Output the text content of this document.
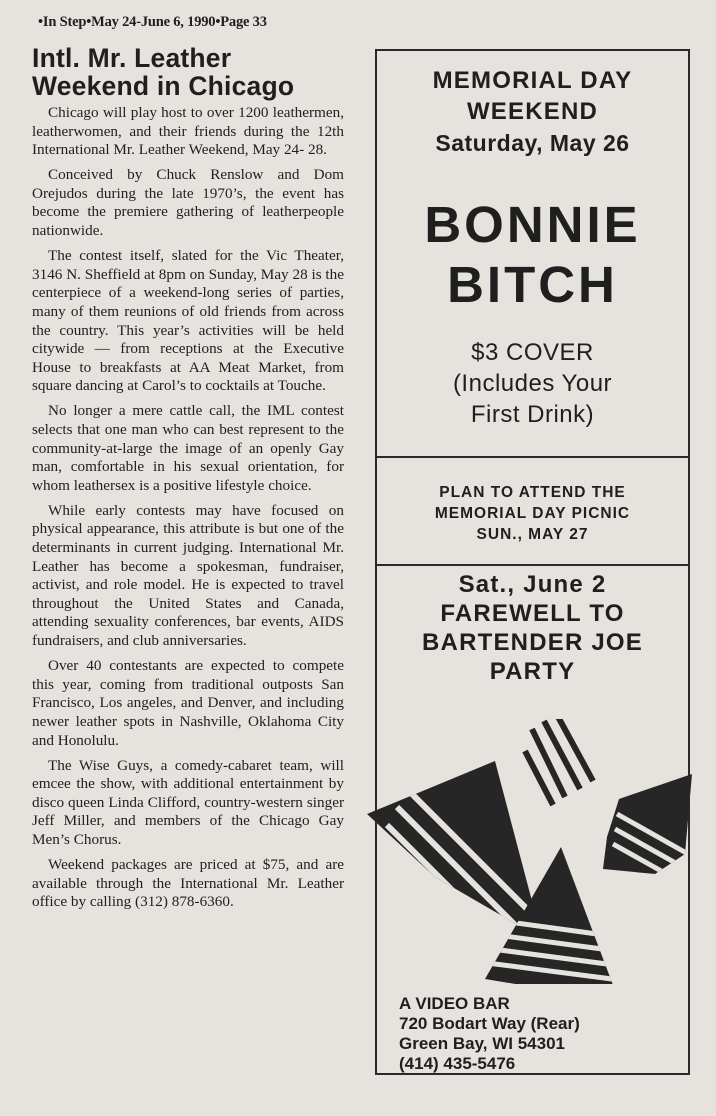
•In Step•May 24-June 6, 1990•Page 33
Intl. Mr. Leather
Weekend in Chicago

Chicago will play host to over 1200 leathermen, leatherwomen, and their friends during the 12th International Mr. Leather Weekend, May 24- 28.

Conceived by Chuck Renslow and Dom Orejudos during the late 1970’s, the event has become the premiere gathering of leatherpeople nationwide.

The contest itself, slated for the Vic Theater, 3146 N. Sheffield at 8pm on Sunday, May 28 is the centerpiece of a weekend-long series of parties, many of them reunions of old friends from across the country. This year’s activities will be held citywide — from receptions at the Executive House to breakfasts at AA Meat Market, from square dancing at Carol’s to cocktails at Touche.

No longer a mere cattle call, the IML contest selects that one man who can best represent to the community-at-large the image of an openly Gay man, comfortable in his sexual orientation, for whom leathersex is a positive lifestyle choice.

While early contests may have focused on physical appearance, this attribute is but one of the determinants in current judging. International Mr. Leather has become a spokesman, fundraiser, activist, and role model. He is expected to travel throughout the United States and Canada, attending sexuality conferences, bar events, AIDS fundraisers, and club anniversaries.

Over 40 contestants are expected to compete this year, coming from traditional outposts San Francisco, Los angeles, and Denver, and including newer leather spots in Nashville, Oklahoma City and Honolulu.

The Wise Guys, a comedy-cabaret team, will emcee the show, with additional entertainment by disco queen Linda Clifford, country-western singer Jeff Miller, and members of the Chicago Gay Men’s Chorus.

Weekend packages are priced at $75, and are available through the International Mr. Leather office by calling (312) 878-6360.

MEMORIAL DAY
WEEKEND
Saturday, May 26
BONNIE
BITCH
$3 COVER
(Includes Your
First Drink)
PLAN TO ATTEND THE
MEMORIAL DAY PICNIC
SUN., MAY 27
Sat., June 2
FAREWELL TO
BARTENDER JOE
PARTY
A VIDEO BAR
720 Bodart Way (Rear)
Green Bay, WI 54301
(414) 435-5476
